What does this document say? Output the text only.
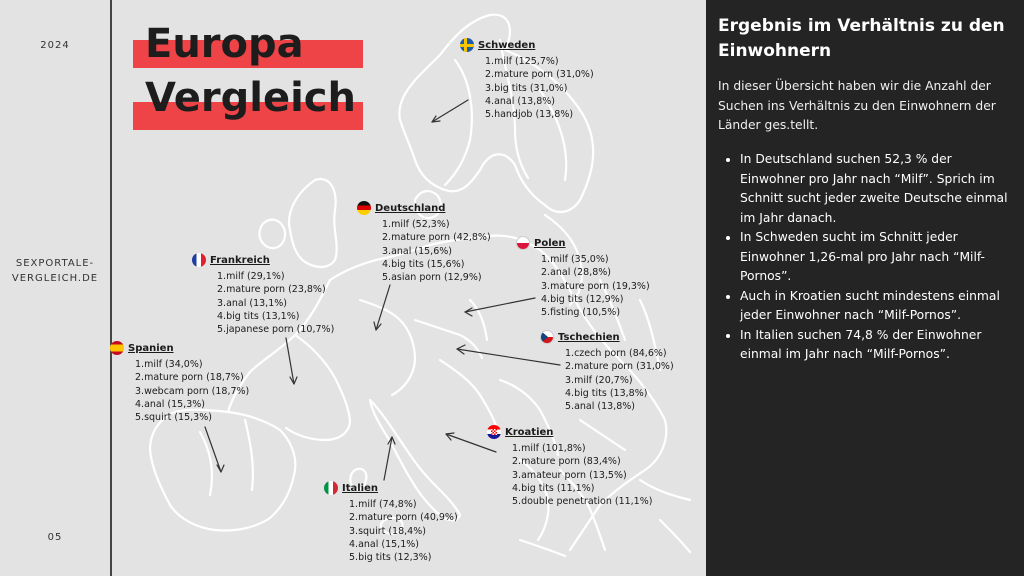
2024
SEXPORTALE-
VERGLEICH.DE
05
Europa
Vergleich
Schweden
1.milf (125,7%)
2.mature porn (31,0%)
3.big tits (31,0%)
4.anal (13,8%)
5.handjob (13,8%)
Deutschland
1.milf (52,3%)
2.mature porn (42,8%)
3.anal (15,6%)
4.big tits (15,6%)
5.asian porn (12,9%)
Frankreich
1.milf (29,1%)
2.mature porn (23,8%)
3.anal (13,1%)
4.big tits (13,1%)
5.japanese porn (10,7%)
Polen
1.milf (35,0%)
2.anal (28,8%)
3.mature porn (19,3%)
4.big tits (12,9%)
5.fisting (10,5%)
Spanien
1.milf (34,0%)
2.mature porn (18,7%)
3.webcam porn (18,7%)
4.anal (15,3%)
5.squirt (15,3%)
Tschechien
1.czech porn (84,6%)
2.mature porn (31,0%)
3.milf (20,7%)
4.big tits (13,8%)
5.anal (13,8%)
Kroatien
1.milf (101,8%)
2.mature porn (83,4%)
3.amateur porn (13,5%)
4.big tits (11,1%)
5.double penetration (11,1%)
Italien
1.milf (74,8%)
2.mature porn (40,9%)
3.squirt (18,4%)
4.anal (15,1%)
5.big tits (12,3%)
Ergebnis im Verhältnis zu den Einwohnern
In dieser Übersicht haben wir die Anzahl der Suchen ins Verhältnis zu den Einwohnern der Länder ges.tellt.
• In Deutschland suchen 52,3 % der Einwohner pro Jahr nach “Milf”. Sprich im Schnitt sucht jeder zweite Deutsche einmal im Jahr danach.
• In Schweden sucht im Schnitt jeder Einwohner 1,26-mal pro Jahr nach “Milf-Pornos”.
• Auch in Kroatien sucht mindestens einmal jeder Einwohner nach “Milf-Pornos”.
• In Italien suchen 74,8 % der Einwohner einmal im Jahr nach “Milf-Pornos”.
